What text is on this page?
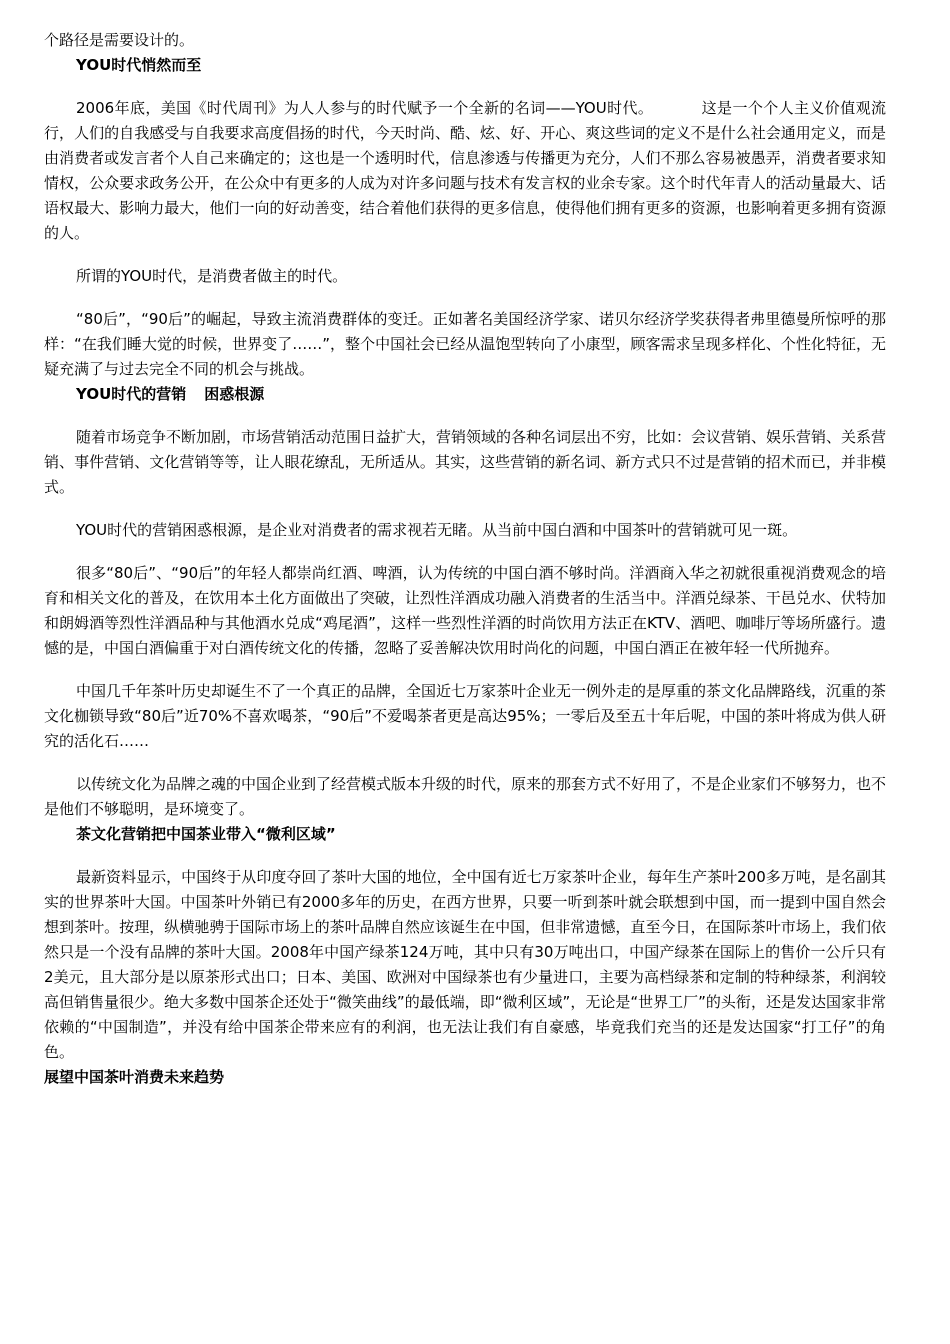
个路径是需要设计的。

YOU时代悄然而至

2006年底，美国《时代周刊》为人人参与的时代赋予一个全新的名词——YOU时代。	这是一个个人主义价值观流行，人们的自我感受与自我要求高度倡扬的时代，今天时尚、酷、炫、好、开心、爽这些词的定义不是什么社会通用定义，而是由消费者或发言者个人自己来确定的；这也是一个透明时代，信息渗透与传播更为充分，人们不那么容易被愚弄，消费者要求知情权，公众要求政务公开，在公众中有更多的人成为对许多问题与技术有发言权的业余专家。这个时代年青人的活动量最大、话语权最大、影响力最大，他们一向的好动善变，结合着他们获得的更多信息，使得他们拥有更多的资源，也影响着更多拥有资源的人。

所谓的YOU时代，是消费者做主的时代。

“80后”，“90后”的崛起，导致主流消费群体的变迁。正如著名美国经济学家、诺贝尔经济学奖获得者弗里德曼所惊呼的那样：“在我们睡大觉的时候，世界变了……”，整个中国社会已经从温饱型转向了小康型，顾客需求呈现多样化、个性化特征，无疑充满了与过去完全不同的机会与挑战。

YOU时代的营销 困惑根源

随着市场竞争不断加剧，市场营销活动范围日益扩大，营销领域的各种名词层出不穷，比如：会议营销、娱乐营销、关系营销、事件营销、文化营销等等，让人眼花缭乱，无所适从。其实，这些营销的新名词、新方式只不过是营销的招术而已，并非模式。

YOU时代的营销困惑根源，是企业对消费者的需求视若无睹。从当前中国白酒和中国茶叶的营销就可见一斑。

很多“80后”、“90后”的年轻人都崇尚红酒、啤酒，认为传统的中国白酒不够时尚。洋酒商入华之初就很重视消费观念的培育和相关文化的普及，在饮用本土化方面做出了突破，让烈性洋酒成功融入消费者的生活当中。洋酒兑绿茶、干邑兑水、伏特加和朗姆酒等烈性洋酒品种与其他酒水兑成“鸡尾酒”，这样一些烈性洋酒的时尚饮用方法正在KTV、酒吧、咖啡厅等场所盛行。遗憾的是，中国白酒偏重于对白酒传统文化的传播，忽略了妥善解决饮用时尚化的问题，中国白酒正在被年轻一代所抛弃。

中国几千年茶叶历史却诞生不了一个真正的品牌，全国近七万家茶叶企业无一例外走的是厚重的茶文化品牌路线，沉重的茶文化枷锁导致“80后”近70%不喜欢喝茶，“90后”不爱喝茶者更是高达95%；一零后及至五十年后呢，中国的茶叶将成为供人研究的活化石……

以传统文化为品牌之魂的中国企业到了经营模式版本升级的时代，原来的那套方式不好用了，不是企业家们不够努力，也不是他们不够聪明，是环境变了。

茶文化营销把中国茶业带入“微利区域”

最新资料显示，中国终于从印度夺回了茶叶大国的地位，全中国有近七万家茶叶企业，每年生产茶叶200多万吨，是名副其实的世界茶叶大国。中国茶叶外销已有2000多年的历史，在西方世界，只要一听到茶叶就会联想到中国，而一提到中国自然会想到茶叶。按理，纵横驰骋于国际市场上的茶叶品牌自然应该诞生在中国，但非常遗憾，直至今日，在国际茶叶市场上，我们依然只是一个没有品牌的茶叶大国。2008年中国产绿茶124万吨，其中只有30万吨出口，中国产绿茶在国际上的售价一公斤只有2美元，且大部分是以原茶形式出口；日本、美国、欧洲对中国绿茶也有少量进口，主要为高档绿茶和定制的特种绿茶，利润较高但销售量很少。绝大多数中国茶企还处于“微笑曲线”的最低端，即“微利区域”，无论是“世界工厂”的头衔，还是发达国家非常依赖的“中国制造”，并没有给中国茶企带来应有的利润，也无法让我们有自豪感，毕竟我们充当的还是发达国家“打工仔”的角色。

展望中国茶叶消费未来趋势
